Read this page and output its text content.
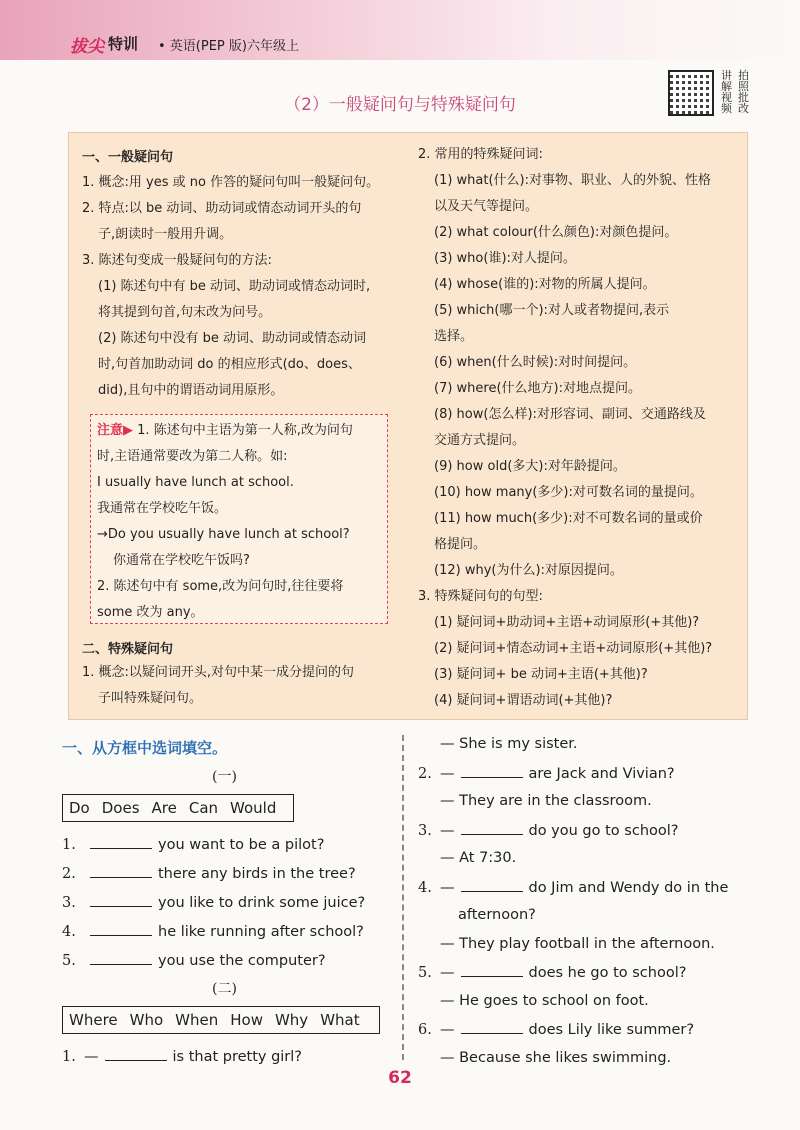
拔尖 特训 • 英语(PEP 版)六年级上
（2）一般疑问句与特殊疑问句
讲 拍
解 照
视 批
频 改
一、一般疑问句
1. 概念:用 yes 或 no 作答的疑问句叫一般疑问句。
2. 特点:以 be 动词、助动词或情态动词开头的句
子,朗读时一般用升调。
3. 陈述句变成一般疑问句的方法:
(1) 陈述句中有 be 动词、助动词或情态动词时,
将其提到句首,句末改为问号。
(2) 陈述句中没有 be 动词、助动词或情态动词
时,句首加助动词 do 的相应形式(do、does、
did),且句中的谓语动词用原形。
注意▶ 1. 陈述句中主语为第一人称,改为问句
时,主语通常要改为第二人称。如:
I usually have lunch at school.
我通常在学校吃午饭。
→Do you usually have lunch at school?
你通常在学校吃午饭吗?
2. 陈述句中有 some,改为问句时,往往要将
some 改为 any。
二、特殊疑问句
1. 概念:以疑问词开头,对句中某一成分提问的句
子叫特殊疑问句。
2. 常用的特殊疑问词:
(1) what(什么):对事物、职业、人的外貌、性格
以及天气等提问。
(2) what colour(什么颜色):对颜色提问。
(3) who(谁):对人提问。
(4) whose(谁的):对物的所属人提问。
(5) which(哪一个):对人或者物提问,表示
选择。
(6) when(什么时候):对时间提问。
(7) where(什么地方):对地点提问。
(8) how(怎么样):对形容词、副词、交通路线及
交通方式提问。
(9) how old(多大):对年龄提问。
(10) how many(多少):对可数名词的量提问。
(11) how much(多少):对不可数名词的量或价
格提问。
(12) why(为什么):对原因提问。
3. 特殊疑问句的句型:
(1) 疑问词+助动词+主语+动词原形(+其他)?
(2) 疑问词+情态动词+主语+动词原形(+其他)?
(3) 疑问词+ be 动词+主语(+其他)?
(4) 疑问词+谓语动词(+其他)?
一、从方框中选词填空。
(一)
Do Does Are Can Would
1.	you want to be a pilot?
2.	there any birds in the tree?
3.	you like to drink some juice?
4.	he like running after school?
5.	you use the computer?
(二)
Where Who When How Why What
1. —	is that pretty girl?
— She is my sister.
2. —	are Jack and Vivian?
— They are in the classroom.
3. —	do you go to school?
— At 7:30.
4. —	do Jim and Wendy do in the
afternoon?
— They play football in the afternoon.
5. —	does he go to school?
— He goes to school on foot.
6. —	does Lily like summer?
— Because she likes swimming.
62
